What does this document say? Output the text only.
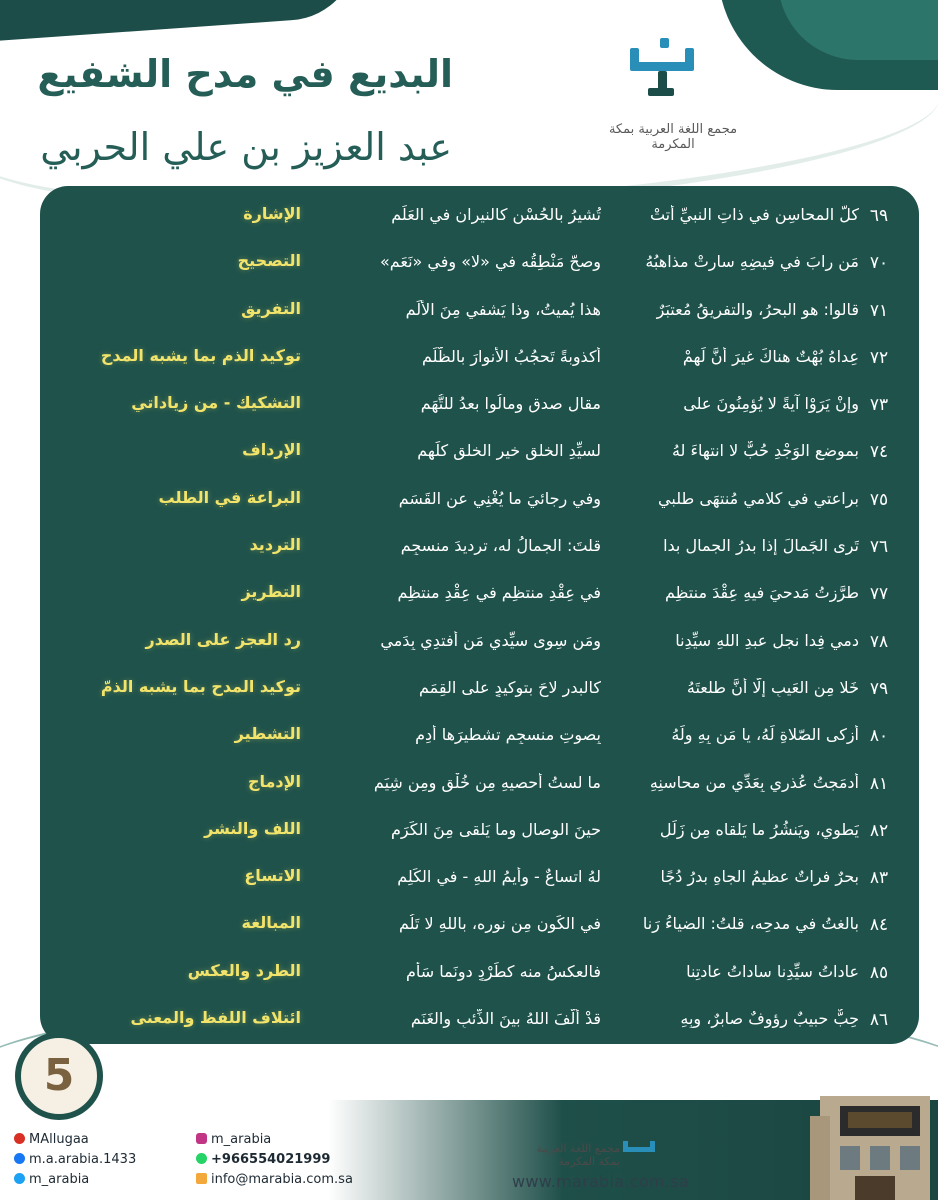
البديع في مدح الشفيع
عبد العزيز بن علي الحربي	مجمع اللغة العربية بمكة المكرمة
٦٩
كلّ المحاسِنِ في ذاتِ النبيِّ أتتْ
تُشيرُ بالحُسْنِ كالنيرانِ في العَلَمِ
الإشارة
٧٠
مَن رابَ في فيضِهِ سارتْ مذاهبُهُ
وصحّ مَنْطِقُه في «لا» وفي «نَعَمِ»
التصحيح
٧١
قالوا: هو البحرُ، والتفريقُ مُعتبَرٌ
هذا يُميتُ، وذا يَشفي مِنَ الألَمِ
التفريق
٧٢
عِداهُ بُهْتٌ هناكَ غيرَ أنَّ لَهمْ
أُكذوبةً تَحجُبُ الأنوارَ بالظُّلَمِ
توكيد الذم بما يشبه المدح
٧٣
وإنْ يَرَوْا آيةً لا يُؤمِنُونَ على
مقالِ صدقٍ ومالُوا بعدُ للتُّهَمِ
التشكيك - من زياداتي
٧٤
بموضعِ الوَجْدِ حُبٌّ لا انتهاءَ لهُ
لسيِّدِ الخلقِ خيرِ الخلقِ كلِّهِمِ
الإرداف
٧٥
براعتي في كلامي مُنتهَى طلبي
وفي رجائيَ ما يُغْنِي عنِ القَسَمِ
البراعة في الطلب
٧٦
تَرى الجَمالَ إذا بدرُ الجمالِ بدا
قلتَ: الجمالُ له، ترديدَ منسجِمِ
الترديد
٧٧
طرَّزتُ مَدحيَ فيهِ عِقْدَ منتظِمٍ
في عِقْدِ منتظِمٍ في عِقْدِ منتظِمِ
التطريز
٧٨
دمي فِدا نجلِ عبدِ اللهِ سيِّدِنا
ومَن سِوى سيِّدي مَن أفتدِي بِدَمي
رد العجز على الصدر
٧٩
خَلا مِن العَيبِ إلّا أنَّ طلعتَهُ
كالبدرِ لاحَ بتوكيدٍ على القِمَمِ
توكيد المدح بما يشبه الذمّ
٨٠
أزكى الصّلاةِ لَهُ، يا مَن بِهِ ولَهُ
بِصوتِ منسجِمٍ تشطيرَها أدِمِ
التشطير
٨١
أدمَجتُ عُذري بِعَدِّي من محاسنِهِ
ما لستُ أُحصيهِ مِن خُلْقٍ ومِن شِيَمِ
الإدماج
٨٢
يَطوي، ويَنشُرُ ما يَلقاه مِن زَلَلٍ
حينَ الوِصالِ وما يَلقى مِنَ الكَرَمِ
اللف والنشر
٨٣
بحرٌ فراتٌ عظيمُ الجاهِ بدرُ دُجًا
لهُ اتساعٌ - وأَيمُ اللهِ - في الكَلِمِ
الاتساع
٨٤
بالغتُ في مدحِه، قلتُ: الضياءُ رَنا
في الكَونِ مِن نورِه، باللهِ لا تَلُمِ
المبالغة
٨٥
عاداتُ سيِّدِنا ساداتُ عادتِنا
فالعكسُ منه كطَرْدٍ دونَما سَأَمِ
الطرد والعكس
٨٦
حِبٌّ حبيبٌ رؤوفٌ صابرٌ، وبِهِ
قدْ ألَّفَ اللهُ بينَ الذِّئبِ والغَنَمِ
ائتلاف اللفظ والمعنى
5
MAllugaa
m.a.arabia.1433
m_arabia
m_arabia
+966554021999
info@marabia.com.sa
مجمع اللغة العربية بمكة المكرمة
www.marabia.com.sa
